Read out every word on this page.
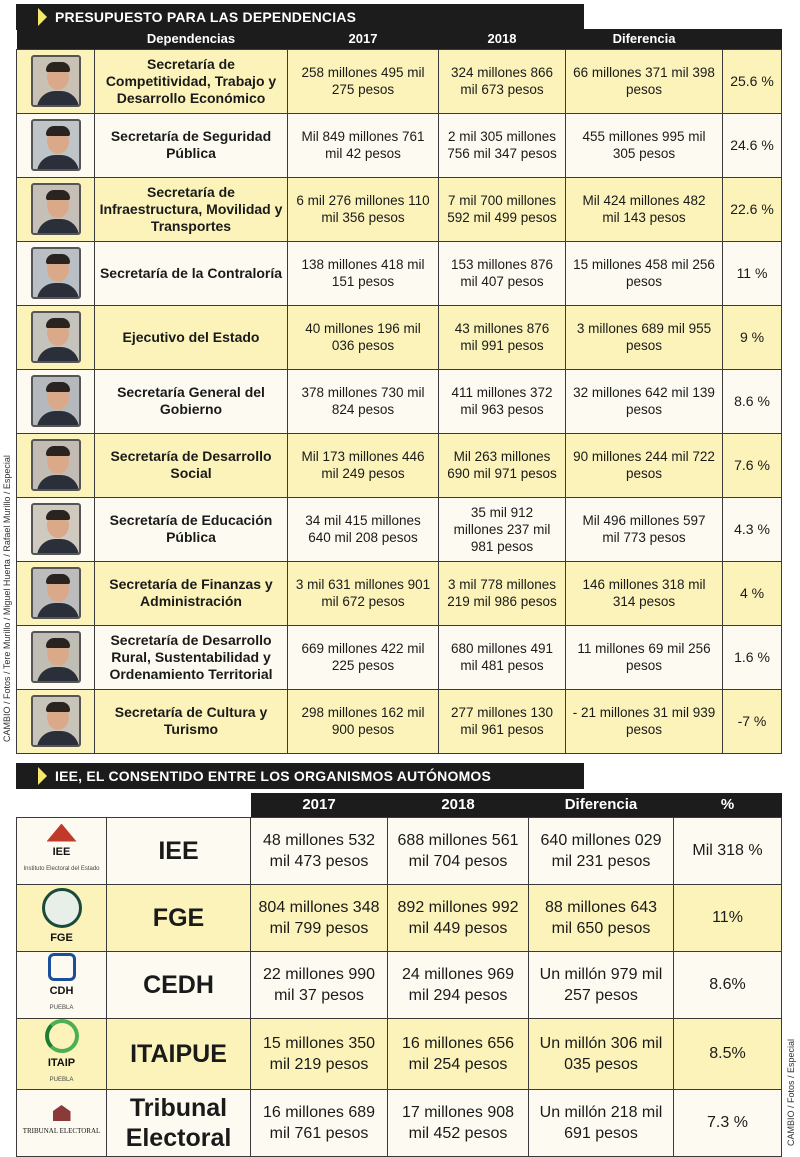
CAMBIO / Fotos / Tere Murillo / Miguel Huerta / Rafael Murillo / Especial
CAMBIO / Fotos / Especial
PRESUPUESTO PARA LAS DEPENDENCIAS
	Dependencias	2017	2018	Diferencia	

	Secretaría de Competitividad, Trabajo y Desarrollo Económico	258 millones 495 mil 275 pesos	324 millones 866 mil 673 pesos	66 millones 371 mil 398 pesos	25.6 %

	Secretaría de Seguridad Pública	Mil 849 millones 761 mil 42 pesos	2 mil 305 millones 756 mil 347 pesos	455 millones 995 mil 305 pesos	24.6 %

	Secretaría de Infraestructura, Movilidad y Transportes	6 mil 276 millones 110 mil 356 pesos	7 mil 700 millones 592 mil 499 pesos	Mil 424 millones 482 mil 143 pesos	22.6 %

	Secretaría de la Contraloría	138 millones 418 mil 151 pesos	153 millones 876 mil 407 pesos	15 millones 458 mil 256 pesos	11 %

	Ejecutivo del Estado	40 millones 196 mil 036 pesos	43 millones 876 mil 991 pesos	3 millones 689 mil 955 pesos	9 %

	Secretaría General del Gobierno	378 millones 730 mil 824 pesos	411 millones 372 mil 963 pesos	32 millones 642 mil 139 pesos	8.6 %

	Secretaría de Desarrollo Social	Mil 173 millones 446 mil 249 pesos	Mil 263 millones 690 mil 971 pesos	90 millones 244 mil 722 pesos	7.6 %

	Secretaría de Educación Pública	34 mil 415 millones 640 mil 208 pesos	35 mil 912 millones 237 mil 981 pesos	Mil 496 millones 597 mil 773 pesos	4.3 %

	Secretaría de Finanzas y Administración	3 mil 631 millones 901 mil 672 pesos	3 mil 778 millones 219 mil 986 pesos	146 millones 318 mil 314 pesos	4 %

	Secretaría de Desarrollo Rural, Sustentabilidad y Ordenamiento Territorial	669 millones 422 mil 225 pesos	680 millones 491 mil 481 pesos	11 millones 69 mil 256 pesos	1.6 %

	Secretaría de Cultura y Turismo	298 millones 162 mil 900 pesos	277 millones 130 mil 961 pesos	- 21 millones 31 mil 939 pesos	-7 %
IEE, EL CONSENTIDO ENTRE LOS ORGANISMOS AUTÓNOMOS
		2017	2018	Diferencia	%

IEE
Instituto Electoral del Estado	IEE	48 millones 532 mil 473 pesos	688 millones 561 mil 704 pesos	640 millones 029 mil 231 pesos	Mil 318 %

FGE	FGE	804 millones 348 mil 799 pesos	892 millones 992 mil 449 pesos	88 millones 643 mil 650 pesos	11%

CDH
PUEBLA	CEDH	22 millones 990 mil 37 pesos	24 millones 969 mil 294 pesos	Un millón 979 mil 257 pesos	8.6%

ITAIP
PUEBLA	ITAIPUE	15 millones 350 mil 219 pesos	16 millones 656 mil 254 pesos	Un millón 306 mil 035 pesos	8.5%

TRIBUNAL ELECTORAL	Tribunal Electoral	16 millones 689 mil 761 pesos	17 millones 908 mil 452 pesos	Un millón 218 mil 691 pesos	7.3 %
